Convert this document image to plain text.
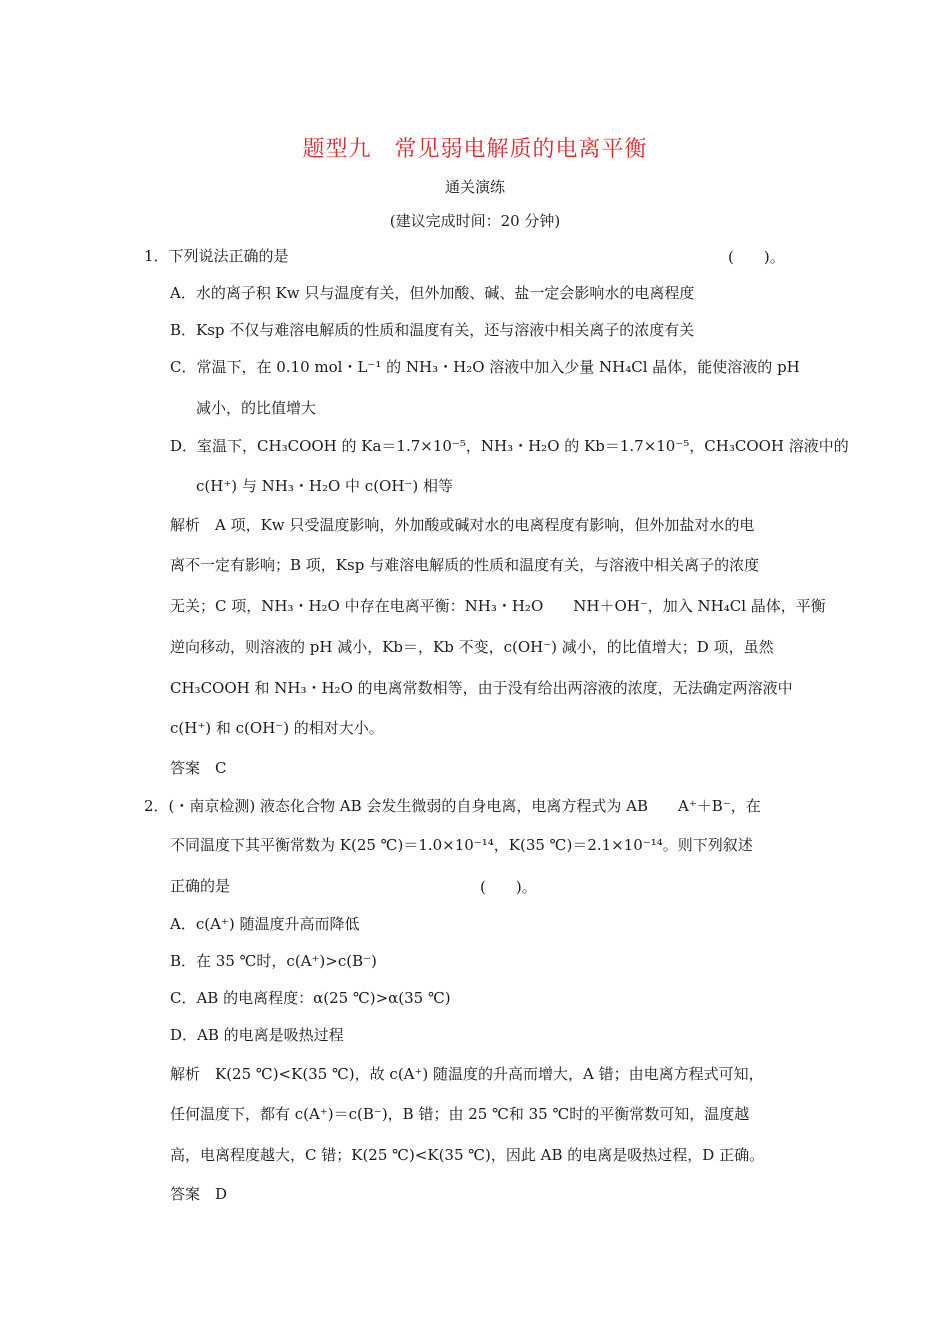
题型九　常见弱电解质的电离平衡
通关演练
(建议完成时间：20 分钟)
1．下列说法正确的是	(　　)。
A．水的离子积 Kw 只与温度有关，但外加酸、碱、盐一定会影响水的电离程度
B．Ksp 不仅与难溶电解质的性质和温度有关，还与溶液中相关离子的浓度有关
C．常温下，在 0.10 mol・L⁻¹ 的 NH₃・H₂O 溶液中加入少量 NH₄Cl 晶体，能使溶液的 pH
减小，的比值增大
D．室温下，CH₃COOH 的 Ka＝1.7×10⁻⁵，NH₃・H₂O 的 Kb＝1.7×10⁻⁵，CH₃COOH 溶液中的
c(H⁺) 与 NH₃・H₂O 中 c(OH⁻) 相等
解析　A 项，Kw 只受温度影响，外加酸或碱对水的电离程度有影响，但外加盐对水的电
离不一定有影响；B 项，Ksp 与难溶电解质的性质和温度有关，与溶液中相关离子的浓度
无关；C 项，NH₃・H₂O 中存在电离平衡：NH₃・H₂O　　NH＋OH⁻，加入 NH₄Cl 晶体，平衡
逆向移动，则溶液的 pH 减小，Kb＝，Kb 不变，c(OH⁻) 减小，的比值增大；D 项，虽然
CH₃COOH 和 NH₃・H₂O 的电离常数相等，由于没有给出两溶液的浓度，无法确定两溶液中
c(H⁺) 和 c(OH⁻) 的相对大小。
答案　C
2．(・南京检测) 液态化合物 AB 会发生微弱的自身电离，电离方程式为 AB　　A⁺＋B⁻，在
不同温度下其平衡常数为 K(25 ℃)＝1.0×10⁻¹⁴，K(35 ℃)＝2.1×10⁻¹⁴。则下列叙述
正确的是	(　　)。
A．c(A⁺) 随温度升高而降低
B．在 35 ℃时，c(A⁺)>c(B⁻)
C．AB 的电离程度：α(25 ℃)>α(35 ℃)
D．AB 的电离是吸热过程
解析　K(25 ℃)<K(35 ℃)，故 c(A⁺) 随温度的升高而增大，A 错；由电离方程式可知，
任何温度下，都有 c(A⁺)＝c(B⁻)，B 错；由 25 ℃和 35 ℃时的平衡常数可知，温度越
高，电离程度越大，C 错；K(25 ℃)<K(35 ℃)，因此 AB 的电离是吸热过程，D 正确。
答案　D
